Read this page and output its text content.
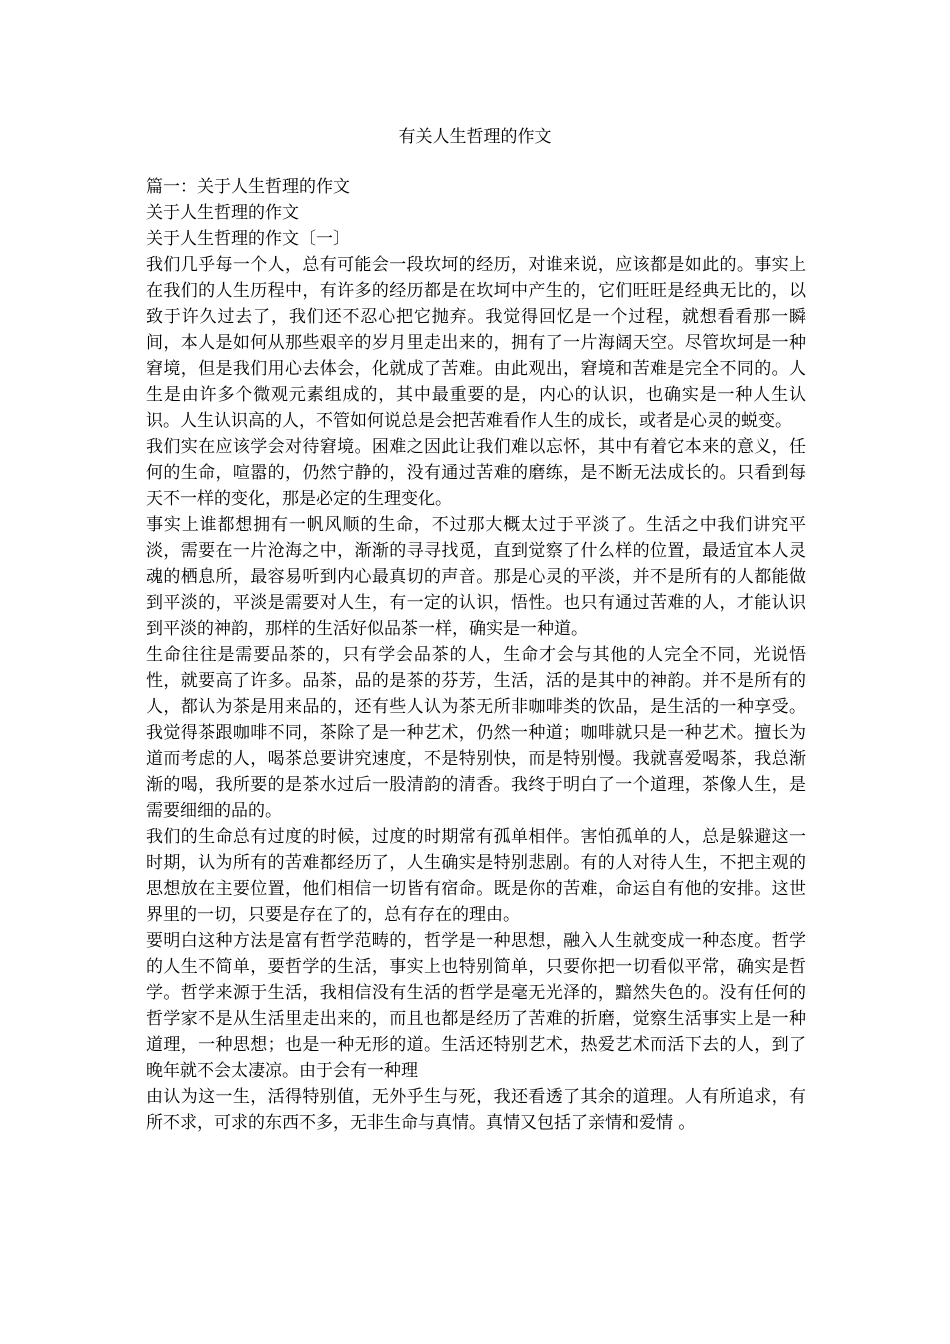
有关人生哲理的作文

篇一：关于人生哲理的作文

关于人生哲理的作文

关于人生哲理的作文〔一〕

我们几乎每一个人，总有可能会一段坎坷的经历，对谁来说，应该都是如此的。事实上在我们的人生历程中，有许多的经历都是在坎坷中产生的，它们旺旺是经典无比的，以致于许久过去了，我们还不忍心把它抛弃。我觉得回忆是一个过程，就想看看那一瞬间，本人是如何从那些艰辛的岁月里走出来的，拥有了一片海阔天空。尽管坎坷是一种窘境，但是我们用心去体会，化就成了苦难。由此观出，窘境和苦难是完全不同的。人生是由许多个微观元素组成的，其中最重要的是，内心的认识，也确实是一种人生认识。人生认识高的人，不管如何说总是会把苦难看作人生的成长，或者是心灵的蜕变。

我们实在应该学会对待窘境。困难之因此让我们难以忘怀，其中有着它本来的意义，任何的生命，喧嚣的，仍然宁静的，没有通过苦难的磨练，是不断无法成长的。只看到每天不一样的变化，那是必定的生理变化。

事实上谁都想拥有一帆风顺的生命，不过那大概太过于平淡了。生活之中我们讲究平淡，需要在一片沧海之中，渐渐的寻寻找觅，直到觉察了什么样的位置，最适宜本人灵魂的栖息所，最容易听到内心最真切的声音。那是心灵的平淡，并不是所有的人都能做到平淡的，平淡是需要对人生，有一定的认识，悟性。也只有通过苦难的人，才能认识到平淡的神韵，那样的生活好似品茶一样，确实是一种道。

生命往往是需要品茶的，只有学会品茶的人，生命才会与其他的人完全不同，光说悟性，就要高了许多。品茶，品的是茶的芬芳，生活，活的是其中的神韵。并不是所有的人，都认为茶是用来品的，还有些人认为茶无所非咖啡类的饮品，是生活的一种享受。我觉得茶跟咖啡不同，茶除了是一种艺术，仍然一种道；咖啡就只是一种艺术。擅长为道而考虑的人，喝茶总要讲究速度，不是特别快，而是特别慢。我就喜爱喝茶，我总渐渐的喝，我所要的是茶水过后一股清韵的清香。我终于明白了一个道理，茶像人生，是需要细细的品的。

我们的生命总有过度的时候，过度的时期常有孤单相伴。害怕孤单的人，总是躲避这一时期，认为所有的苦难都经历了，人生确实是特别悲剧。有的人对待人生，不把主观的思想放在主要位置，他们相信一切皆有宿命。既是你的苦难，命运自有他的安排。这世界里的一切，只要是存在了的，总有存在的理由。

要明白这种方法是富有哲学范畴的，哲学是一种思想，融入人生就变成一种态度。哲学的人生不简单，要哲学的生活，事实上也特别简单，只要你把一切看似平常，确实是哲学。哲学来源于生活，我相信没有生活的哲学是毫无光泽的，黯然失色的。没有任何的哲学家不是从生活里走出来的，而且也都是经历了苦难的折磨，觉察生活事实上是一种道理，一种思想；也是一种无形的道。生活还特别艺术，热爱艺术而活下去的人，到了晚年就不会太凄凉。由于会有一种理

由认为这一生，活得特别值，无外乎生与死，我还看透了其余的道理。人有所追求，有所不求，可求的东西不多，无非生命与真情。真情又包括了亲情和爱情 。
